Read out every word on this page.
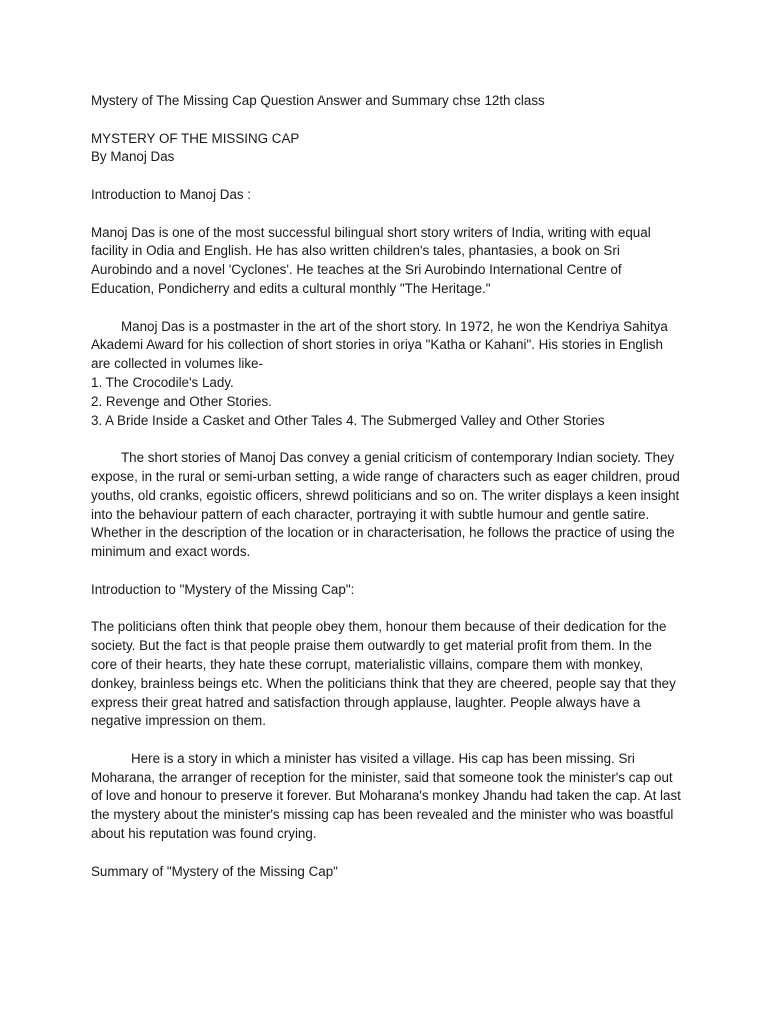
Mystery of The Missing Cap Question Answer and Summary chse 12th class

MYSTERY OF THE MISSING CAP

By Manoj Das

Introduction to Manoj Das :

Manoj Das is one of the most successful bilingual short story writers of India, writing with equal facility in Odia and English. He has also written children's tales, phantasies, a book on Sri Aurobindo and a novel 'Cyclones'. He teaches at the Sri Aurobindo International Centre of Education, Pondicherry and edits a cultural monthly "The Heritage."

Manoj Das is a postmaster in the art of the short story. In 1972, he won the Kendriya Sahitya Akademi Award for his collection of short stories in oriya "Katha or Kahani". His stories in English are collected in volumes like-

1. The Crocodile's Lady.
2. Revenge and Other Stories.
3. A Bride Inside a Casket and Other Tales 4. The Submerged Valley and Other Stories

The short stories of Manoj Das convey a genial criticism of contemporary Indian society. They expose, in the rural or semi-urban setting, a wide range of characters such as eager children, proud youths, old cranks, egoistic officers, shrewd politicians and so on. The writer displays a keen insight into the behaviour pattern of each character, portraying it with subtle humour and gentle satire. Whether in the description of the location or in characterisation, he follows the practice of using the minimum and exact words.

Introduction to "Mystery of the Missing Cap":

The politicians often think that people obey them, honour them because of their dedication for the society. But the fact is that people praise them outwardly to get material profit from them. In the core of their hearts, they hate these corrupt, materialistic villains, compare them with monkey, donkey, brainless beings etc. When the politicians think that they are cheered, people say that they express their great hatred and satisfaction through applause, laughter. People always have a negative impression on them.

Here is a story in which a minister has visited a village. His cap has been missing. Sri Moharana, the arranger of reception for the minister, said that someone took the minister's cap out of love and honour to preserve it forever. But Moharana's monkey Jhandu had taken the cap. At last the mystery about the minister's missing cap has been revealed and the minister who was boastful about his reputation was found crying.

Summary of "Mystery of the Missing Cap"
